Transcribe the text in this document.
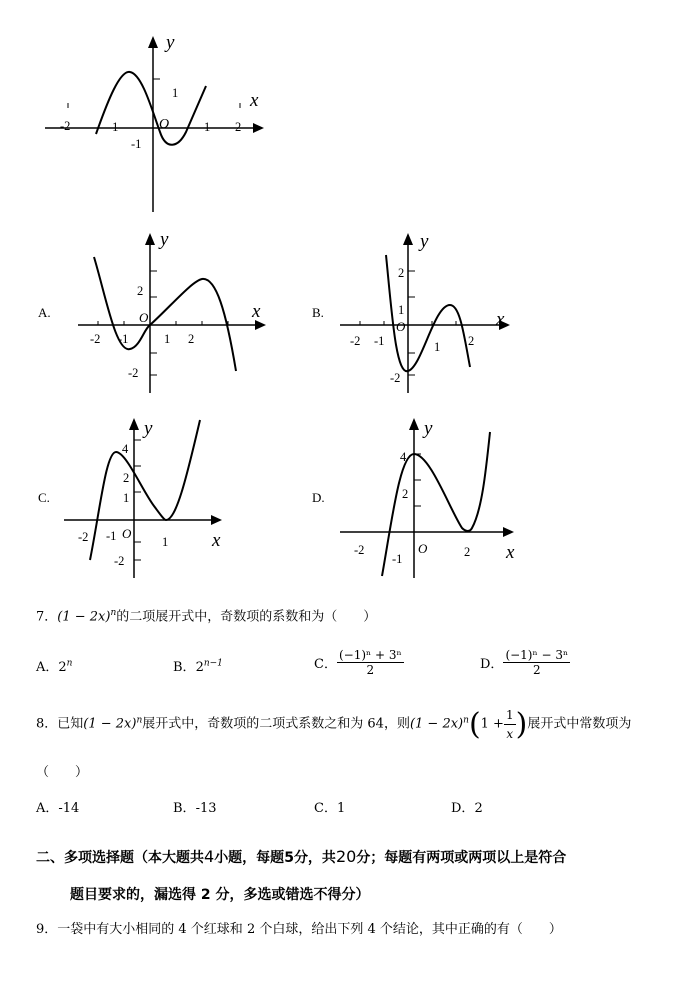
y
x
O
-2	-1	1 2
1
-1
A.
y
x
O
-2 -1	1 2
2
-2
B.
y
x
O
-2 -1	1 2
2
1
-2
C.
y
x
O
-2 -1	1
4
2
1
-2
D.
y
x
O
-2
-1	2
4
2
7．$(1 - 2x)^n$的二项展开式中，奇数项的系数和为（　　）
A．2$^n$	B．$2^{n-1}$	C． $\frac{\text{(−1)ⁿ + 3ⁿ}}{2}$	D． $\frac{\text{(−1)ⁿ − 3ⁿ}}{2}$
8．已知$(1 - 2x)^n$展开式中，奇数项的二项式系数之和为 64，则$(1 - 2x)^n(1 + \frac{1}{x}$ )展开式中常数项为
（　　）
A．-14	B．-13	C．1	D．2
二、多项选择题（本大题共4小题，每题5分，共20分；每题有两项或两项以上是符合
题目要求的，漏选得 2 分，多选或错选不得分）
9．一袋中有大小相同的 4 个红球和 2 个白球，给出下列 4 个结论，其中正确的有（　　）
